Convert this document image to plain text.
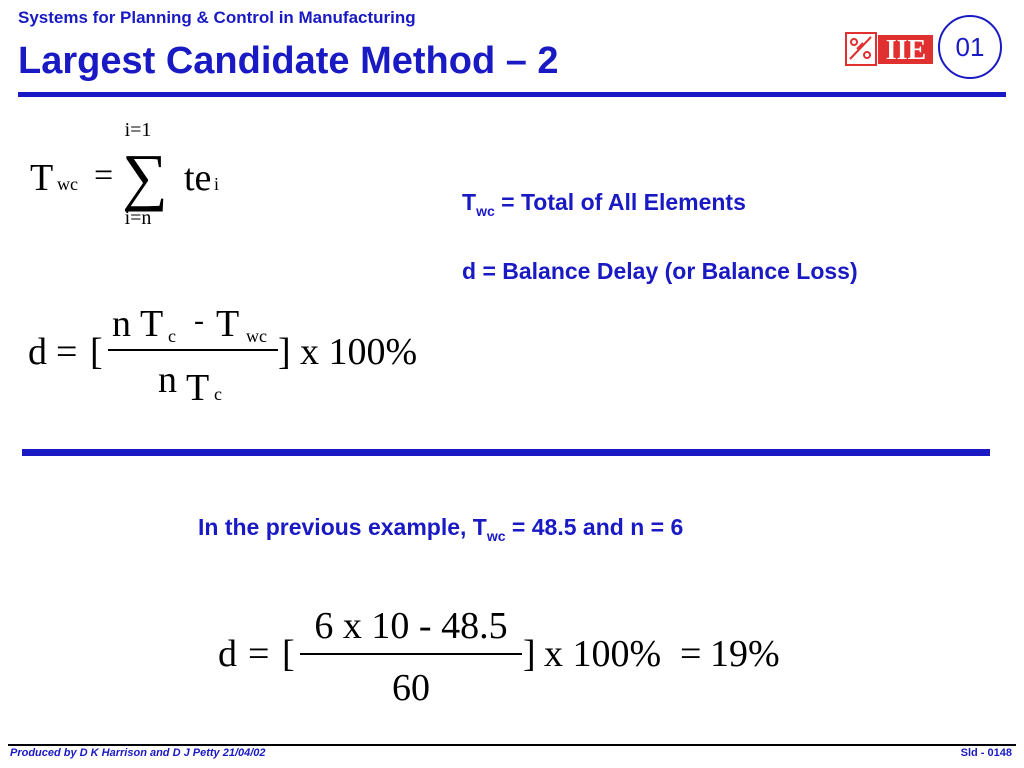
Systems for Planning & Control in Manufacturing
Largest Candidate Method – 2	IIE	01
i=1
T wc = ∑ te i
i=n
d = [
n T c - T wc
n T c
] x 100%
$T_{wc}$ = Total of All Elements
d = Balance Delay (or Balance Loss)
In the previous example, $T_{wc} = 48.5$ and n = 6
d = [
6 x 10 - 48.5
60
] x 100% = 19%
Produced by D K Harrison and D J Petty 21/04/02	Sld - 0148
